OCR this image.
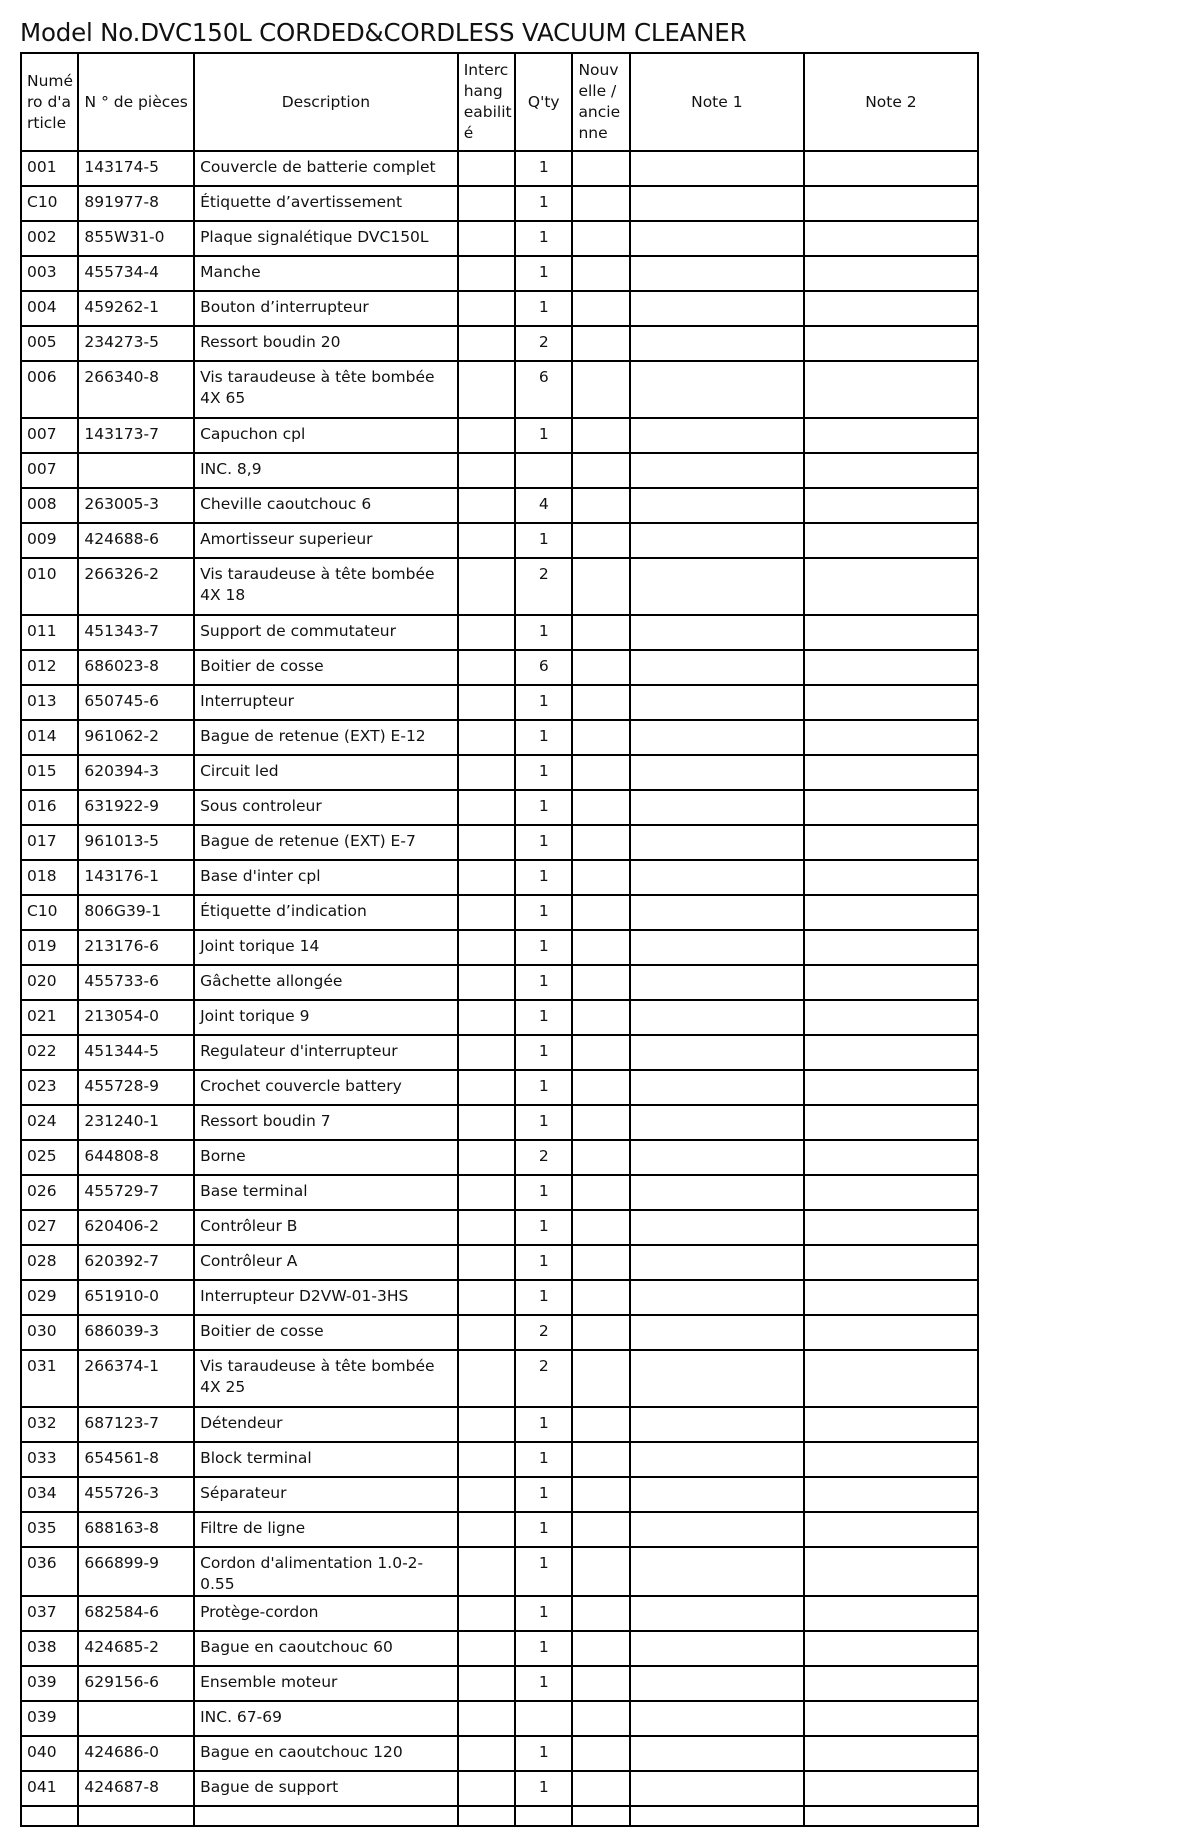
Model No.DVC150L CORDED&CORDLESS VACUUM CLEANER
Numé ro d'a rticle	N ° de pièces	Description	Interc hang eabilit é	Q'ty	Nouv elle / ancie nne	Note 1	Note 2
001	143174-5	Couvercle de batterie complet		1			
C10	891977-8	Étiquette d’avertissement		1			
002	855W31-0	Plaque signalétique DVC150L		1			
003	455734-4	Manche		1			
004	459262-1	Bouton d’interrupteur		1			
005	234273-5	Ressort boudin 20		2			
006	266340-8	Vis taraudeuse à tête bombée 4X 65		6			
007	143173-7	Capuchon cpl		1			
007		INC. 8,9					
008	263005-3	Cheville caoutchouc 6		4			
009	424688-6	Amortisseur superieur		1			
010	266326-2	Vis taraudeuse à tête bombée 4X 18		2			
011	451343-7	Support de commutateur		1			
012	686023-8	Boitier de cosse		6			
013	650745-6	Interrupteur		1			
014	961062-2	Bague de retenue (EXT) E-12		1			
015	620394-3	Circuit led		1			
016	631922-9	Sous controleur		1			
017	961013-5	Bague de retenue (EXT) E-7		1			
018	143176-1	Base d'inter cpl		1			
C10	806G39-1	Étiquette d’indication		1			
019	213176-6	Joint torique 14		1			
020	455733-6	Gâchette allongée		1			
021	213054-0	Joint torique 9		1			
022	451344-5	Regulateur d'interrupteur		1			
023	455728-9	Crochet couvercle battery		1			
024	231240-1	Ressort boudin 7		1			
025	644808-8	Borne		2			
026	455729-7	Base terminal		1			
027	620406-2	Contrôleur B		1			
028	620392-7	Contrôleur A		1			
029	651910-0	Interrupteur D2VW-01-3HS		1			
030	686039-3	Boitier de cosse		2			
031	266374-1	Vis taraudeuse à tête bombée 4X 25		2			
032	687123-7	Détendeur		1			
033	654561-8	Block terminal		1			
034	455726-3	Séparateur		1			
035	688163-8	Filtre de ligne		1			
036	666899-9	Cordon d'alimentation 1.0-2-0.55		1			
037	682584-6	Protège-cordon		1			
038	424685-2	Bague en caoutchouc 60		1			
039	629156-6	Ensemble moteur		1			
039		INC. 67-69					
040	424686-0	Bague en caoutchouc 120		1			
041	424687-8	Bague de support		1			
